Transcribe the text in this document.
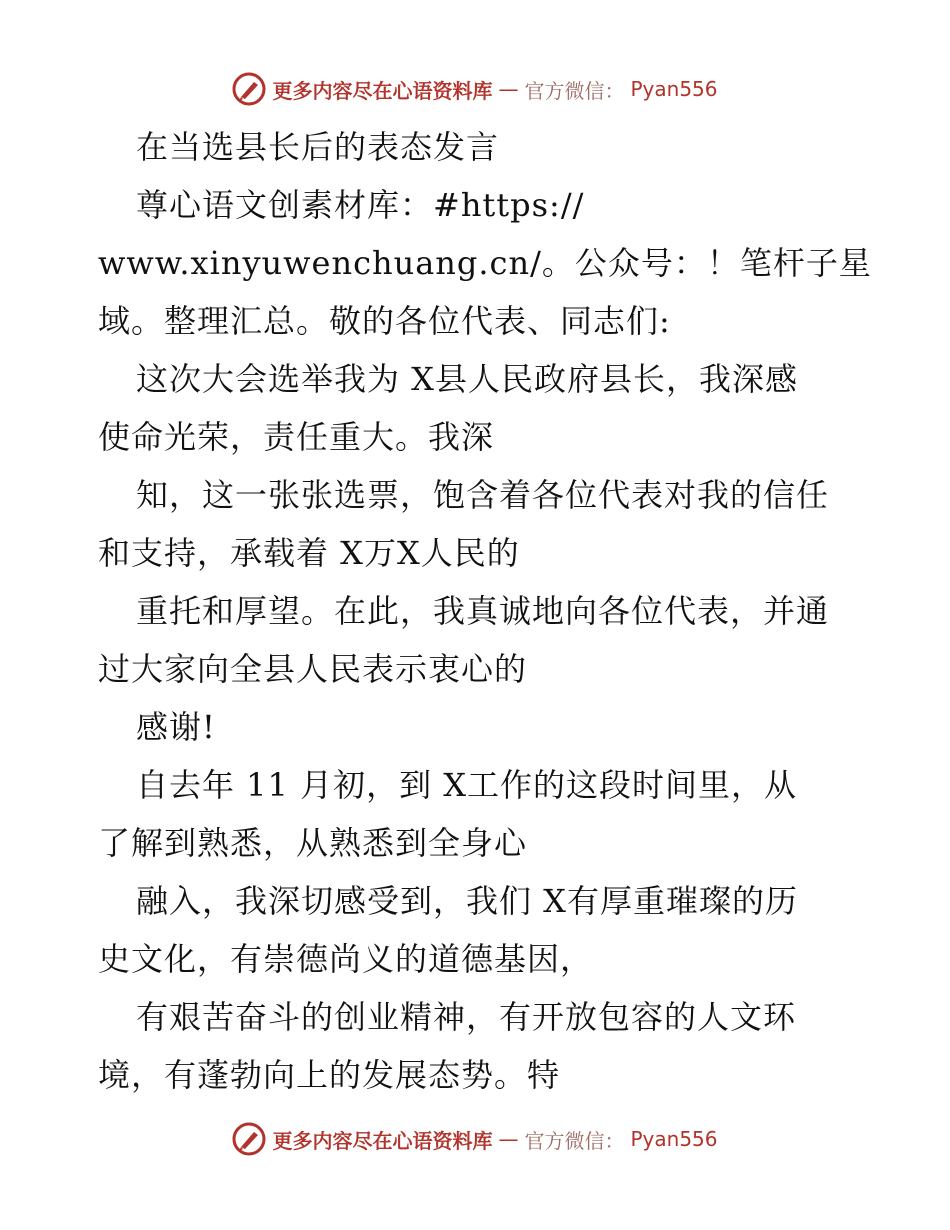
更多内容尽在心语资料库 — 官方微信： Pyan556
在当选县长后的表态发言
尊心语文创素材库：#https://
www.xinyuwenchuang.cn/。公众号：！笔杆子星
域。整理汇总。敬的各位代表、同志们:
这次大会选举我为 X县人民政府县长，我深感
使命光荣，责任重大。我深
知，这一张张选票，饱含着各位代表对我的信任
和支持，承载着 X万X人民的
重托和厚望。在此，我真诚地向各位代表，并通
过大家向全县人民表示衷心的
感谢!
自去年 11 月初，到 X工作的这段时间里，从
了解到熟悉，从熟悉到全身心
融入，我深切感受到，我们 X有厚重璀璨的历
史文化，有崇德尚义的道德基因，
有艰苦奋斗的创业精神，有开放包容的人文环
境，有蓬勃向上的发展态势。特
更多内容尽在心语资料库 — 官方微信： Pyan556
